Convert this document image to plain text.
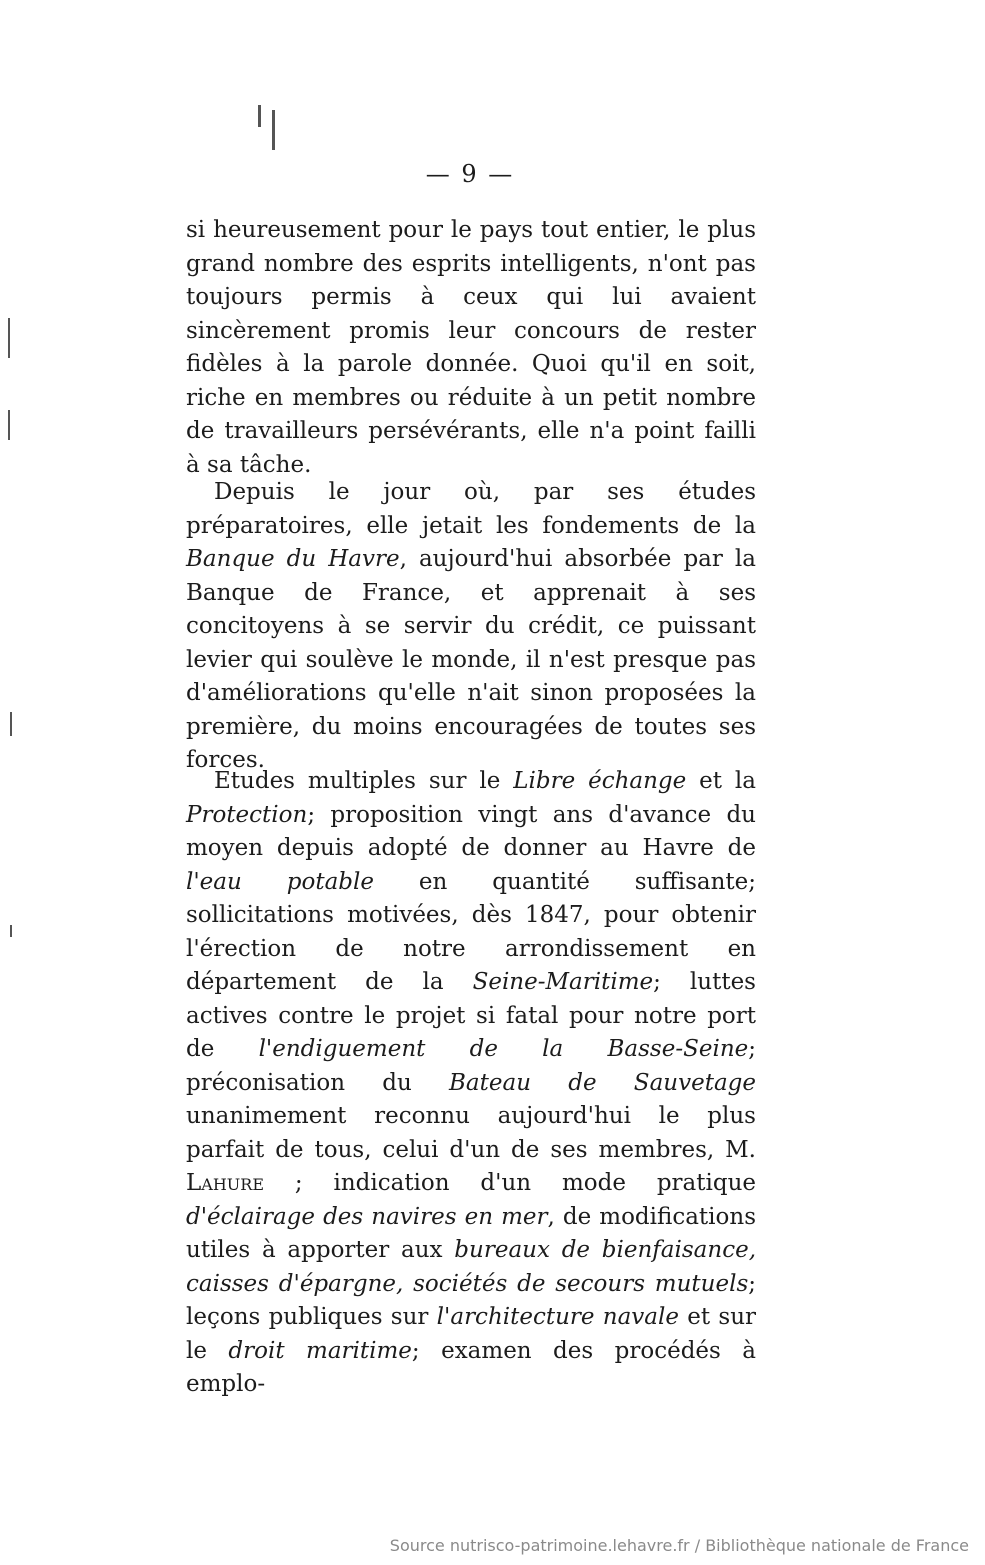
— 9 —
si heureusement pour le pays tout entier, le plus grand nombre des esprits intelligents, n'ont pas toujours permis à ceux qui lui avaient sincèrement promis leur concours de rester fidèles à la parole donnée. Quoi qu'il en soit, riche en membres ou réduite à un petit nombre de travailleurs persévérants, elle n'a point failli à sa tâche.
Depuis le jour où, par ses études préparatoires, elle jetait les fondements de la Banque du Havre, aujourd'hui absorbée par la Banque de France, et apprenait à ses concitoyens à se servir du crédit, ce puissant levier qui soulève le monde, il n'est presque pas d'améliorations qu'elle n'ait sinon proposées la première, du moins encouragées de toutes ses forces.
Etudes multiples sur le Libre échange et la Protection; proposition vingt ans d'avance du moyen depuis adopté de donner au Havre de l'eau potable en quantité suffisante; sollicitations motivées, dès 1847, pour obtenir l'érection de notre arrondissement en département de la Seine-Maritime; luttes actives contre le projet si fatal pour notre port de l'endiguement de la Basse-Seine; préconisation du Bateau de Sauvetage unanimement reconnu aujourd'hui le plus parfait de tous, celui d'un de ses membres, M. Lahure ; indication d'un mode pratique d'éclairage des navires en mer, de modifications utiles à apporter aux bureaux de bienfaisance, caisses d'épargne, sociétés de secours mutuels; leçons publiques sur l'architecture navale et sur le droit maritime; examen des procédés à emplo-
Source nutrisco-patrimoine.lehavre.fr / Bibliothèque nationale de France
